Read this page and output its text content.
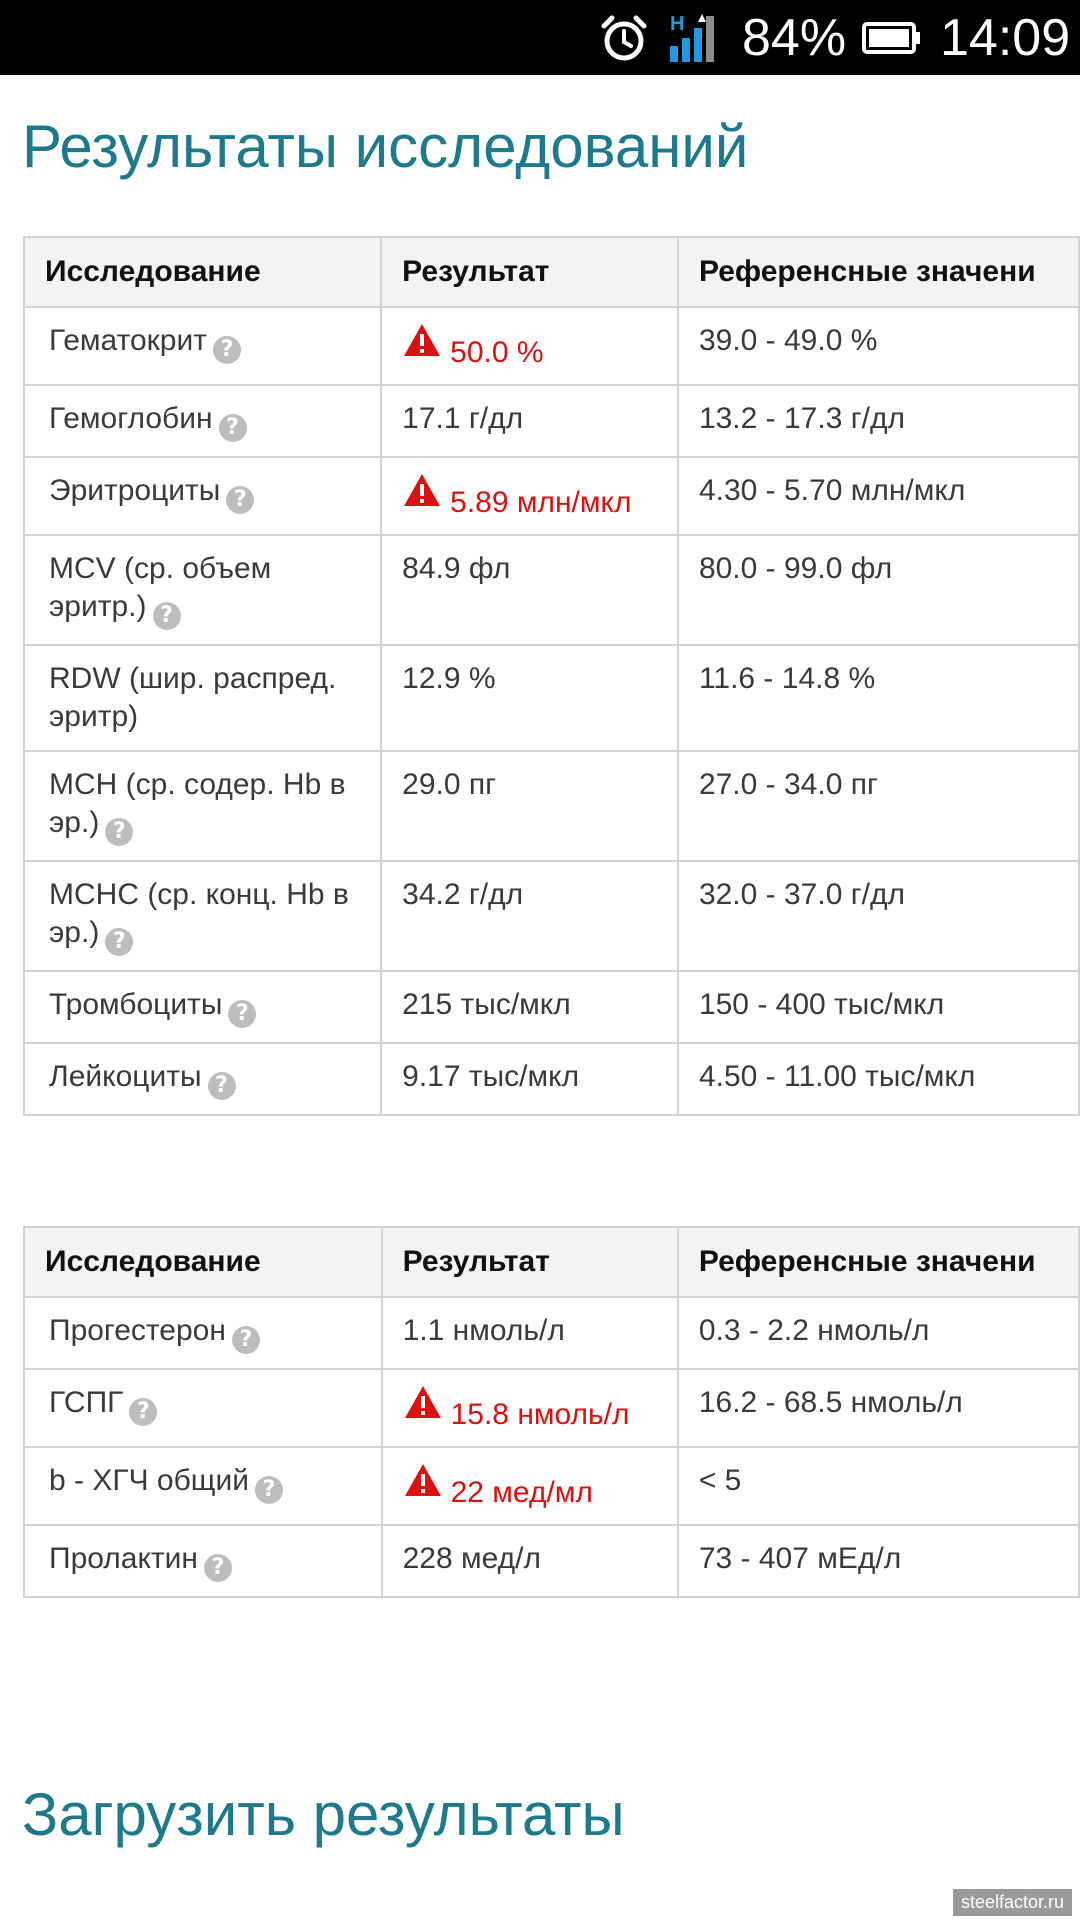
H 84% 14:09
Результаты исследований
Исследование	Результат	Референсные значени
Гематокрит ?	50.0 %	39.0 - 49.0 %
Гемоглобин ?	17.1 г/дл	13.2 - 17.3 г/дл
Эритроциты ?	5.89 млн/мкл	4.30 - 5.70 млн/мкл
MCV (ср. объем эритр.) ?	84.9 фл	80.0 - 99.0 фл
RDW (шир. распред. эритр)	12.9 %	11.6 - 14.8 %
MCH (ср. содер. Hb в эр.) ?	29.0 пг	27.0 - 34.0 пг
MCHC (ср. конц. Hb в эр.) ?	34.2 г/дл	32.0 - 37.0 г/дл
Тромбоциты ?	215 тыс/мкл	150 - 400 тыс/мкл
Лейкоциты ?	9.17 тыс/мкл	4.50 - 11.00 тыс/мкл
Исследование	Результат	Референсные значени
Прогестерон ?	1.1 нмоль/л	0.3 - 2.2 нмоль/л
ГСПГ ?	15.8 нмоль/л	16.2 - 68.5 нмоль/л
b - ХГЧ общий ?	22 мед/мл	< 5
Пролактин ?	228 мед/л	73 - 407 мЕд/л
Загрузить результаты
steelfactor.ru
